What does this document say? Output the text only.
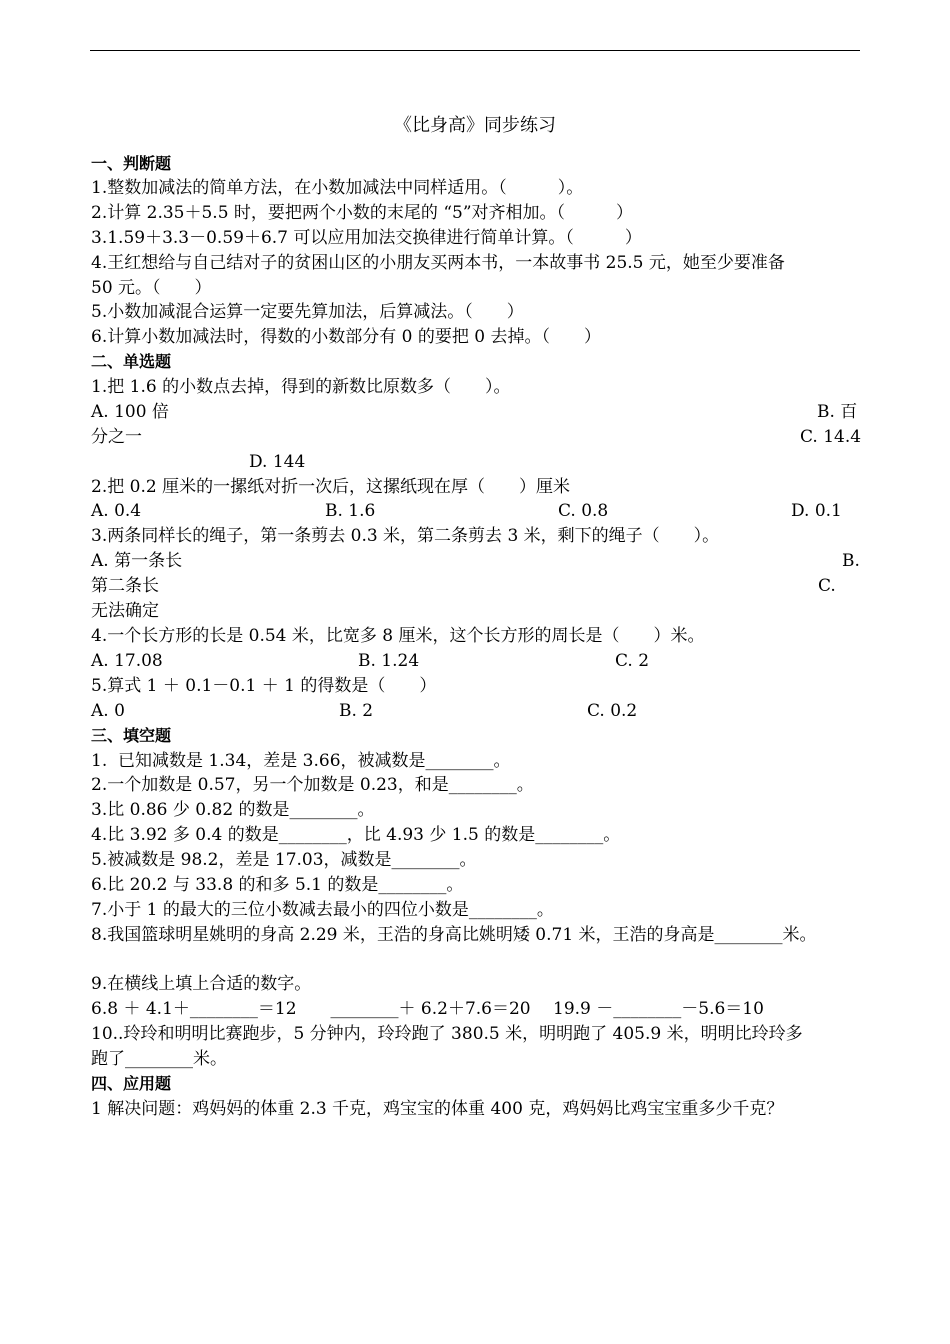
《比身高》同步练习
一、判断题
1.整数加减法的简单方法，在小数加减法中同样适用。（　　　）。
2.计算 2.35＋5.5 时，要把两个小数的末尾的 “5”对齐相加。（　　　）
3.1.59＋3.3－0.59＋6.7 可以应用加法交换律进行简单计算。（　　　）
4.王红想给与自己结对子的贫困山区的小朋友买两本书，一本故事书 25.5 元，她至少要准备
50 元。（　　）
5.小数加减混合运算一定要先算加法，后算减法。（　　）
6.计算小数加减法时，得数的小数部分有 0 的要把 0 去掉。（　　）
二、单选题
1.把 1.6 的小数点去掉，得到的新数比原数多（　　）。
A. 100 倍	B. 百
分之一	C. 14.4
D. 144
2.把 0.2 厘米的一摞纸对折一次后，这摞纸现在厚（　　）厘米
A. 0.4	B. 1.6	C. 0.8	D. 0.1
3.两条同样长的绳子，第一条剪去 0.3 米，第二条剪去 3 米，剩下的绳子（　　）。
A. 第一条长	B.
第二条长	C.
无法确定
4.一个长方形的长是 0.54 米，比宽多 8 厘米，这个长方形的周长是（　　）米。
A. 17.08	B. 1.24	C. 2
5.算式 1 ＋ 0.1－0.1 ＋ 1 的得数是（　　）
A. 0	B. 2	C. 0.2
三、填空题
1.  已知减数是 1.34，差是 3.66，被减数是________。
2.一个加数是 0.57，另一个加数是 0.23，和是________。
3.比 0.86 少 0.82 的数是________。
4.比 3.92 多 0.4 的数是________，比 4.93 少 1.5 的数是________。
5.被减数是 98.2，差是 17.03，减数是________。
6.比 20.2 与 33.8 的和多 5.1 的数是________。
7.小于 1 的最大的三位小数减去最小的四位小数是________。
8.我国篮球明星姚明的身高 2.29 米，王浩的身高比姚明矮 0.71 米，王浩的身高是________米。
9.在横线上填上合适的数字。
6.8 ＋ 4.1＋________＝12　　________＋ 6.2＋7.6＝20　 19.9 －________－5.6＝10
10..玲玲和明明比赛跑步，5 分钟内，玲玲跑了 380.5 米，明明跑了 405.9 米，明明比玲玲多
跑了________米。
四、应用题
1 解决问题：鸡妈妈的体重 2.3 千克，鸡宝宝的体重 400 克，鸡妈妈比鸡宝宝重多少千克？
